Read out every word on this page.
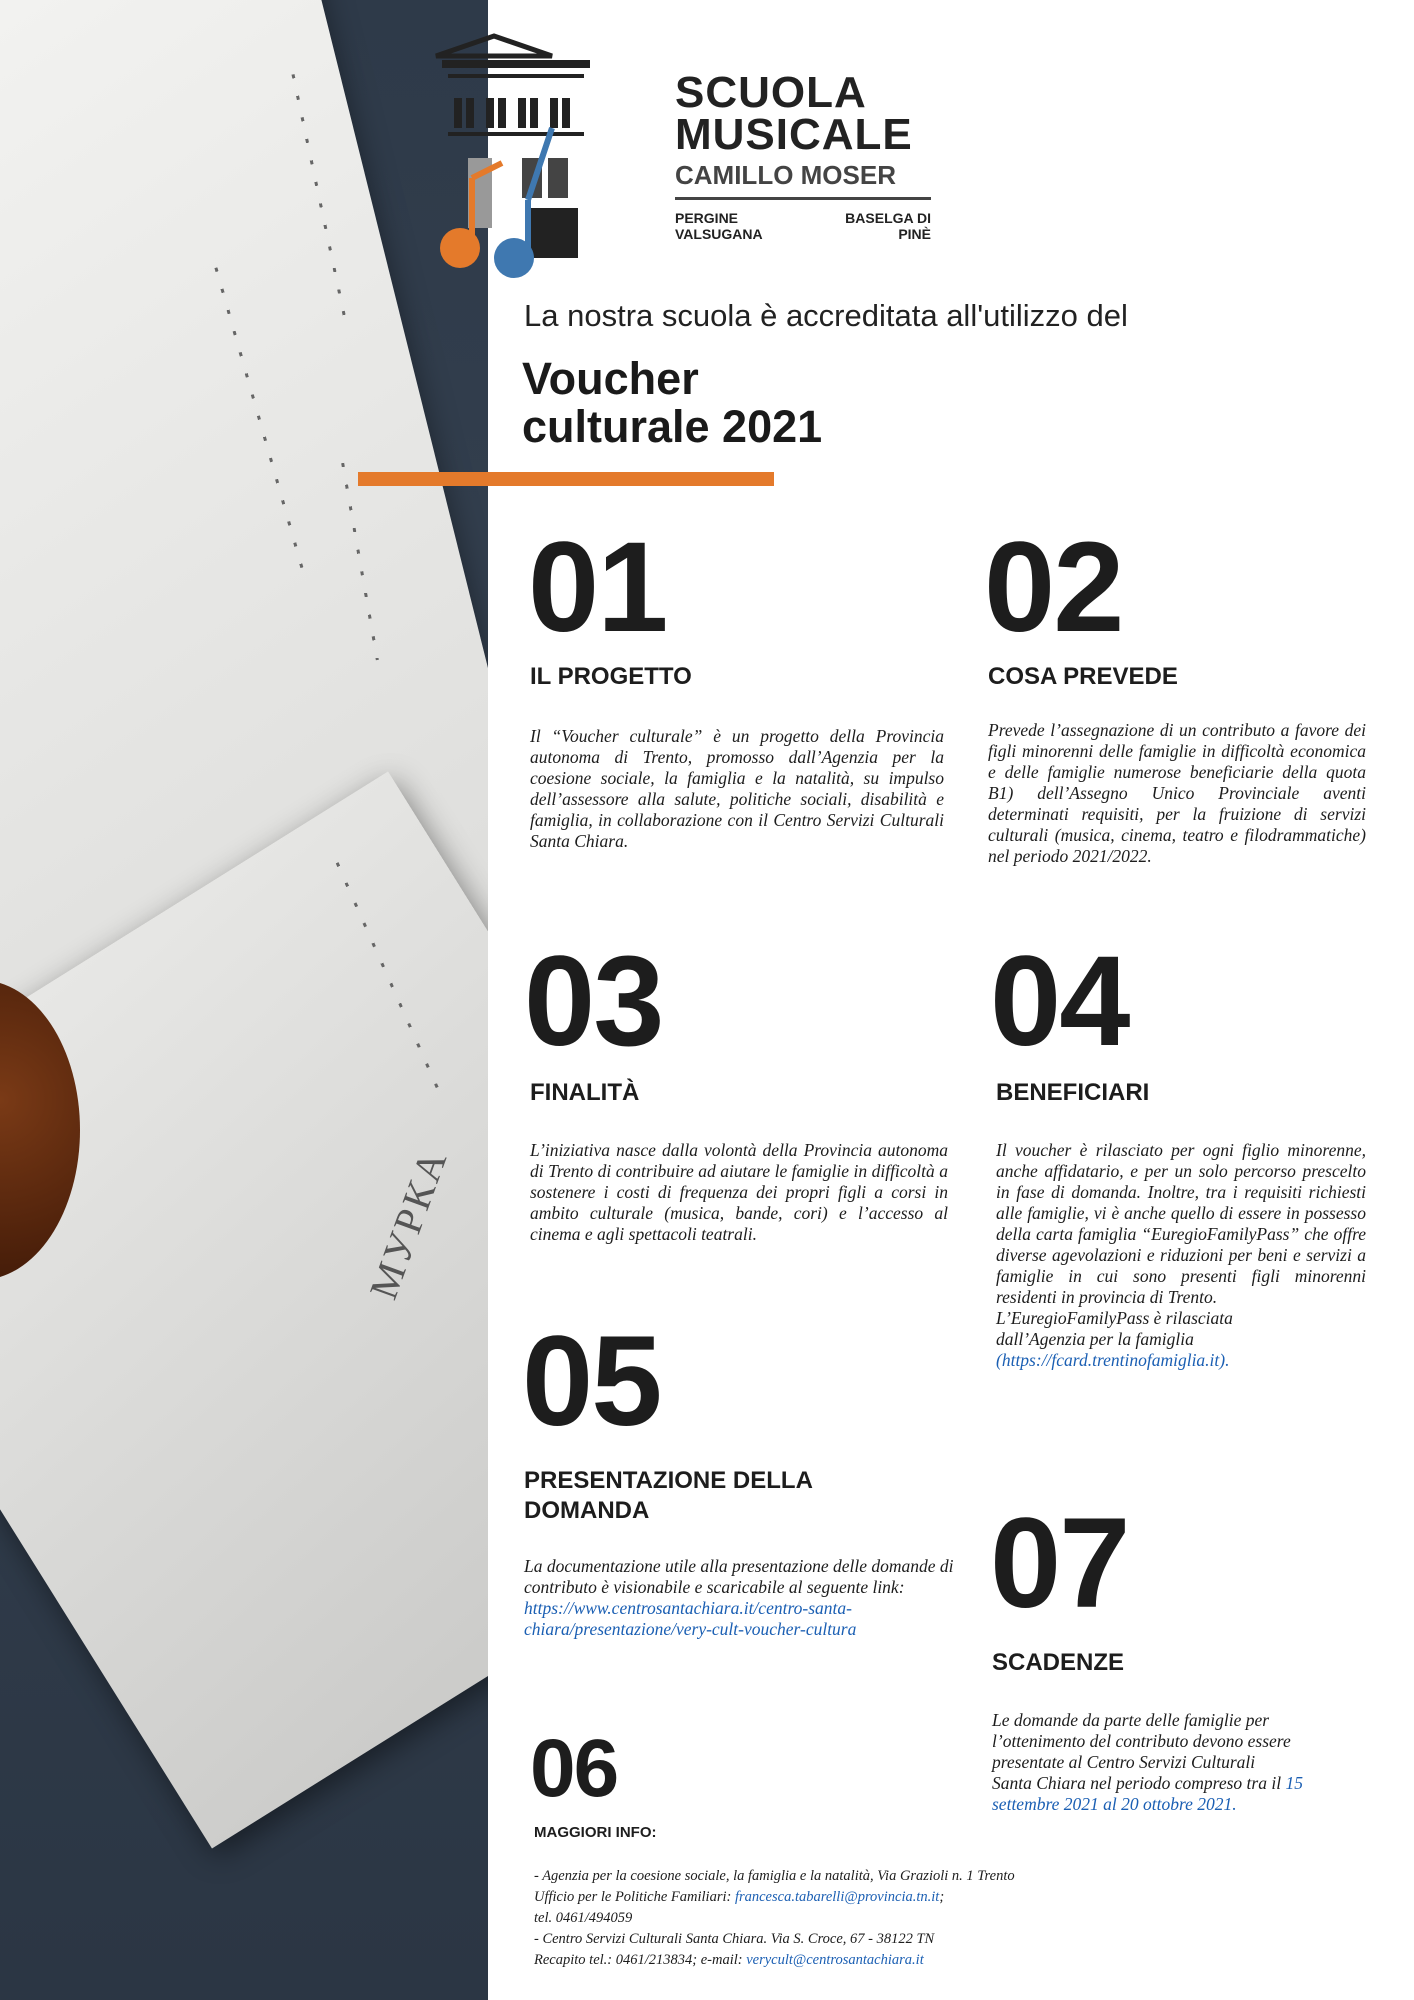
МУРКА
SCUOLA
MUSICALE
CAMILLO MOSER
PERGINE VALSUGANA
BASELGA DI PINÈ
La nostra scuola è accreditata all'utilizzo del
Voucher
culturale 2021
01
IL PROGETTO
Il “Voucher culturale” è un progetto della Provincia autonoma di Trento, promosso dall’Agenzia per la coesione sociale, la famiglia e la natalità, su impulso dell’assessore alla salute, politiche sociali, disabilità e famiglia, in collaborazione con il Centro Servizi Culturali Santa Chiara.
02
COSA PREVEDE
Prevede l’assegnazione di un contributo a favore dei figli minorenni delle famiglie in difficoltà economica e delle famiglie numerose beneficiarie della quota B1) dell’Assegno Unico Provinciale aventi determinati requisiti, per la fruizione di servizi culturali (musica, cinema, teatro e filodrammatiche) nel periodo 2021/2022.
03
FINALITÀ
L’iniziativa nasce dalla volontà della Provincia autonoma di Trento di contribuire ad aiutare le famiglie in difficoltà a sostenere i costi di frequenza dei propri figli a corsi in ambito culturale (musica, bande, cori) e l’accesso al cinema e agli spettacoli teatrali.
04
BENEFICIARI
Il voucher è rilasciato per ogni figlio minorenne, anche affidatario, e per un solo percorso prescelto in fase di domanda. Inoltre, tra i requisiti richiesti alle famiglie, vi è anche quello di essere in possesso della carta famiglia “EuregioFamilyPass” che offre diverse agevolazioni e riduzioni per beni e servizi a famiglie in cui sono presenti figli minorenni residenti in provincia di Trento.
L’EuregioFamilyPass è rilasciata
dall’Agenzia per la famiglia
(https://fcard.trentinofamiglia.it).
05
PRESENTAZIONE DELLA
DOMANDA
La documentazione utile alla presentazione delle domande di contributo è visionabile e scaricabile al seguente link:
https://www.centrosantachiara.it/centro-santa-
chiara/presentazione/very-cult-voucher-cultura	07
SCADENZE
Le domande da parte delle famiglie per
l’ottenimento del contributo devono essere
presentate al Centro Servizi Culturali
Santa Chiara nel periodo compreso tra il 15
settembre 2021 al 20 ottobre 2021.
06
MAGGIORI INFO:
- Agenzia per la coesione sociale, la famiglia e la natalità, Via Grazioli n. 1 Trento
Ufficio per le Politiche Familiari: francesca.tabarelli@provincia.tn.it;
tel. 0461/494059
- Centro Servizi Culturali Santa Chiara. Via S. Croce, 67 - 38122 TN
Recapito tel.: 0461/213834; e-mail: verycult@centrosantachiara.it
